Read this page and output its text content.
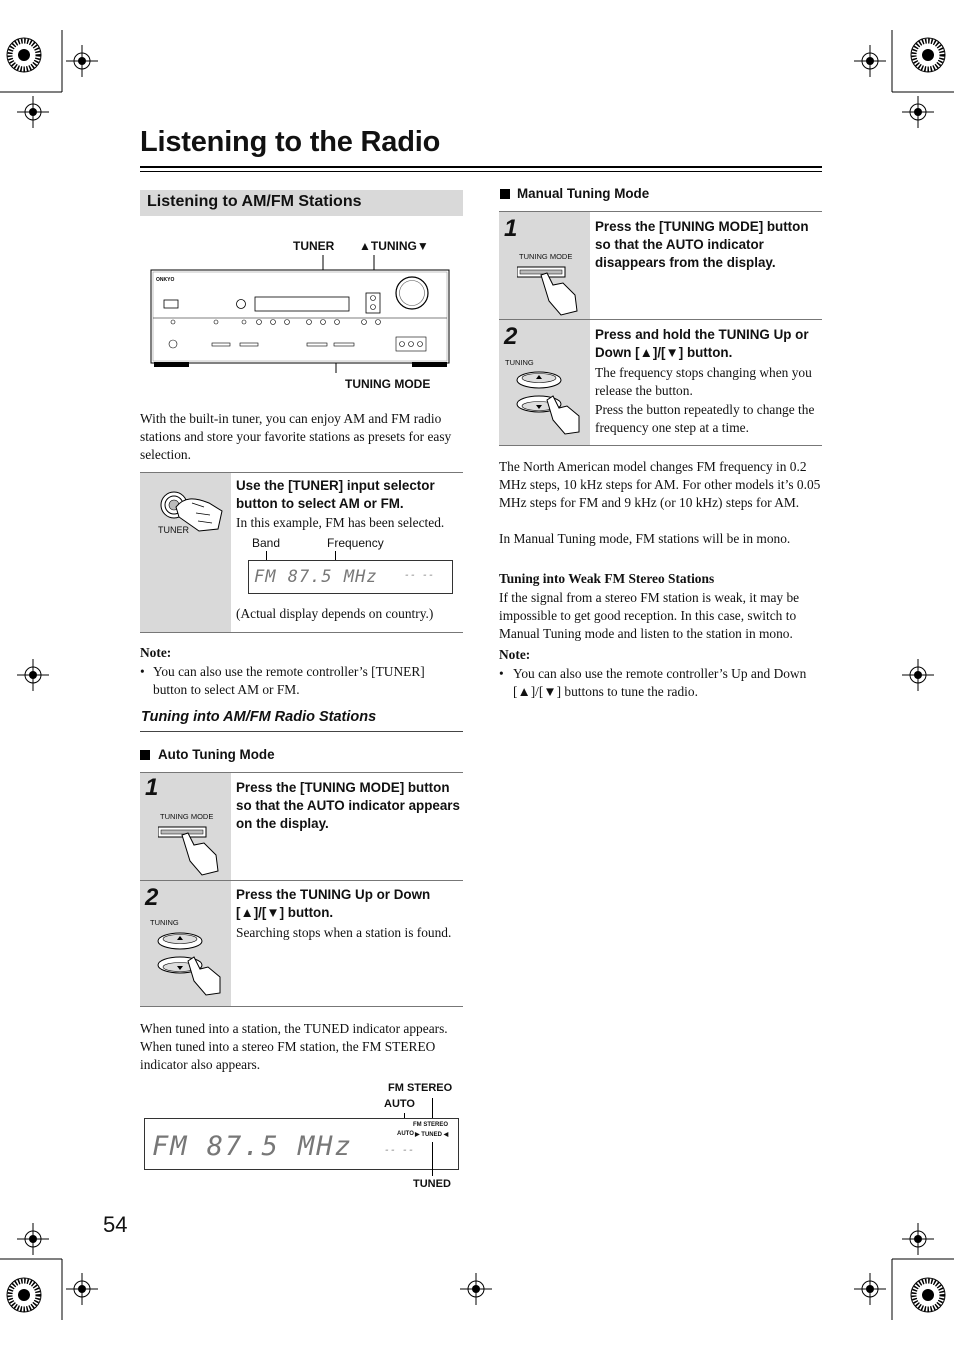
Listening to the Radio
Listening to AM/FM Stations
TUNER ▲TUNING▼
TUNING MODE
ONKYO
With the built-in tuner, you can enjoy AM and FM radio stations and store your favorite stations as presets for easy selection.
TUNER
Use the [TUNER] input selector button to select AM or FM.
In this example, FM has been selected.
Band	Frequency
FM 87.5 MHz	-- --
(Actual display depends on country.)
Note:
• You can also use the remote controller’s [TUNER] button to select AM or FM.
Tuning into AM/FM Radio Stations
Auto Tuning Mode
1
TUNING MODE
Press the [TUNING MODE] button so that the AUTO indicator appears on the display.
2
TUNING
Press the TUNING Up or Down [▲]/[▼] button.
Searching stops when a station is found.
When tuned into a station, the TUNED indicator appears. When tuned into a stereo FM station, the FM STEREO indicator also appears.
FM STEREO
AUTO
FM 87.5 MHz	-- --
FM STEREO
AUTO ▶ TUNED ◀
TUNED
54
Manual Tuning Mode
1
TUNING MODE
Press the [TUNING MODE] button so that the AUTO indicator disappears from the display.
2
TUNING
Press and hold the TUNING Up or Down [▲]/[▼] button.
The frequency stops changing when you release the button.
Press the button repeatedly to change the frequency one step at a time.
The North American model changes FM frequency in 0.2 MHz steps, 10 kHz steps for AM. For other models it’s 0.05 MHz steps for FM and 9 kHz (or 10 kHz) steps for AM.
In Manual Tuning mode, FM stations will be in mono.
Tuning into Weak FM Stereo Stations
If the signal from a stereo FM station is weak, it may be impossible to get good reception. In this case, switch to Manual Tuning mode and listen to the station in mono.
Note:
• You can also use the remote controller’s Up and Down [▲]/[▼] buttons to tune the radio.
